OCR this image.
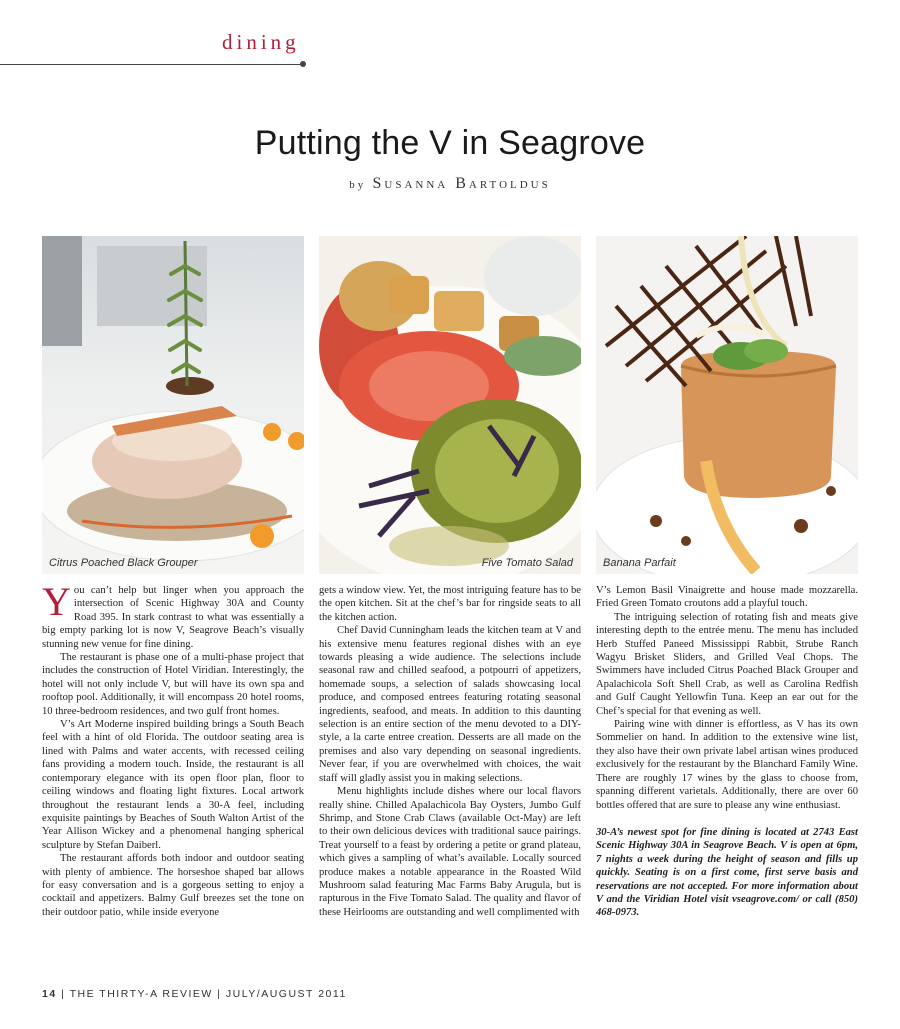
dining
Putting the V in Seagrove
by Susanna Bartoldus
Citrus Poached Black Grouper	Five Tomato Salad	Banana Parfait

You can’t help but linger when you approach the intersection of Scenic Highway 30A and County Road 395. In stark contrast to what was essentially a big empty parking lot is now V, Seagrove Beach’s visually stunning new venue for fine dining.

The restaurant is phase one of a multi-phase project that includes the construction of Hotel Viridian. Interestingly, the hotel will not only include V, but will have its own spa and rooftop pool. Additionally, it will encompass 20 hotel rooms, 10 three-bedroom residences, and two gulf front homes.

V’s Art Moderne inspired building brings a South Beach feel with a hint of old Florida. The outdoor seating area is lined with Palms and water accents, with recessed ceiling fans providing a modern touch. Inside, the restaurant is all contemporary elegance with its open floor plan, floor to ceiling windows and floating light fixtures. Local artwork throughout the restaurant lends a 30-A feel, including exquisite paintings by Beaches of South Walton Artist of the Year Allison Wickey and a phenomenal hanging spherical sculpture by Stefan Daiberl.

The restaurant affords both indoor and outdoor seating with plenty of ambience. The horseshoe shaped bar allows for easy conversation and is a gorgeous setting to enjoy a cocktail and appetizers. Balmy Gulf breezes set the tone on their outdoor patio, while inside everyone

gets a window view. Yet, the most intriguing feature has to be the open kitchen. Sit at the chef’s bar for ringside seats to all the kitchen action.

Chef David Cunningham leads the kitchen team at V and his extensive menu features regional dishes with an eye towards pleasing a wide audience. The selections include seasonal raw and chilled seafood, a potpourri of appetizers, homemade soups, a selection of salads showcasing local produce, and composed entrees featuring rotating seasonal ingredients, seafood, and meats. In addition to this daunting selection is an entire section of the menu devoted to a DIY-style, a la carte entree creation. Desserts are all made on the premises and also vary depending on seasonal ingredients. Never fear, if you are overwhelmed with choices, the wait staff will gladly assist you in making selections.

Menu highlights include dishes where our local flavors really shine. Chilled Apalachicola Bay Oysters, Jumbo Gulf Shrimp, and Stone Crab Claws (available Oct-May) are left to their own delicious devices with traditional sauce pairings. Treat yourself to a feast by ordering a petite or grand plateau, which gives a sampling of what’s available. Locally sourced produce makes a notable appearance in the Roasted Wild Mushroom salad featuring Mac Farms Baby Arugula, but is rapturous in the Five Tomato Salad. The quality and flavor of these Heirlooms are outstanding and well complimented with

V’s Lemon Basil Vinaigrette and house made mozzarella. Fried Green Tomato croutons add a playful touch.

The intriguing selection of rotating fish and meats give interesting depth to the entrée menu. The menu has included Herb Stuffed Paneed Mississippi Rabbit, Strube Ranch Wagyu Brisket Sliders, and Grilled Veal Chops. The Swimmers have included Citrus Poached Black Grouper and Apalachicola Soft Shell Crab, as well as Carolina Redfish and Gulf Caught Yellowfin Tuna. Keep an ear out for the Chef’s special for that evening as well.

Pairing wine with dinner is effortless, as V has its own Sommelier on hand. In addition to the extensive wine list, they also have their own private label artisan wines produced exclusively for the restaurant by the Blanchard Family Wine. There are roughly 17 wines by the glass to choose from, spanning different varietals. Additionally, there are over 60 bottles offered that are sure to please any wine enthusiast.

30-A’s newest spot for fine dining is located at 2743 East Scenic Highway 30A in Seagrove Beach. V is open at 6pm, 7 nights a week during the height of season and fills up quickly. Seating is on a first come, first serve basis and reservations are not accepted. For more information about V and the Viridian Hotel visit vseagrove.com/ or call (850) 468-0973.

14 | THE THIRTY-A REVIEW | JULY/AUGUST 2011
